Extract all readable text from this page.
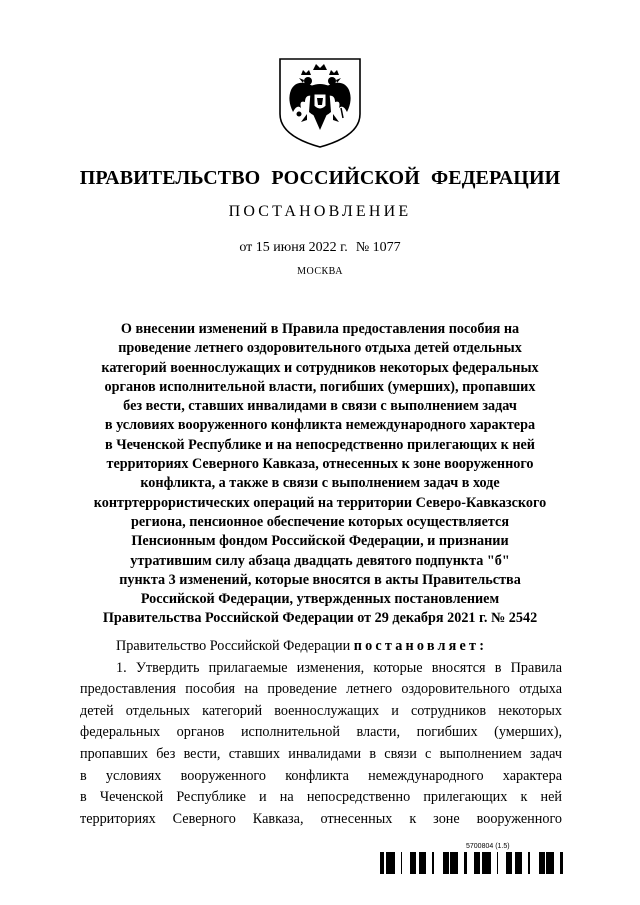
ПРАВИТЕЛЬСТВО РОССИЙСКОЙ ФЕДЕРАЦИИ
ПОСТАНОВЛЕНИЕ
от 15 июня 2022 г. № 1077
МОСКВА
О внесении изменений в Правила предоставления пособия на
проведение летнего оздоровительного отдыха детей отдельных
категорий военнослужащих и сотрудников некоторых федеральных
органов исполнительной власти, погибших (умерших), пропавших
без вести, ставших инвалидами в связи с выполнением задач
в условиях вооруженного конфликта немеждународного характера
в Чеченской Республике и на непосредственно прилегающих к ней
территориях Северного Кавказа, отнесенных к зоне вооруженного
конфликта, а также в связи с выполнением задач в ходе
контртеррористических операций на территории Северо-Кавказского
региона, пенсионное обеспечение которых осуществляется
Пенсионным фондом Российской Федерации, и признании
утратившим силу абзаца двадцать девятого подпункта "б"
пункта 3 изменений, которые вносятся в акты Правительства
Российской Федерации, утвержденных постановлением
Правительства Российской Федерации от 29 декабря 2021 г. № 2542
Правительство Российской Федерации постановляет:
1. Утвердить прилагаемые изменения, которые вносятся в Правила
предоставления пособия на проведение летнего оздоровительного отдыха
детей отдельных категорий военнослужащих и сотрудников некоторых
федеральных органов исполнительной власти, погибших (умерших),
пропавших без вести, ставших инвалидами в связи с выполнением задач
в условиях вооруженного конфликта немеждународного характера
в Чеченской Республике и на непосредственно прилегающих к ней
территориях Северного Кавказа, отнесенных к зоне вооруженного
5700804 (1.5)
